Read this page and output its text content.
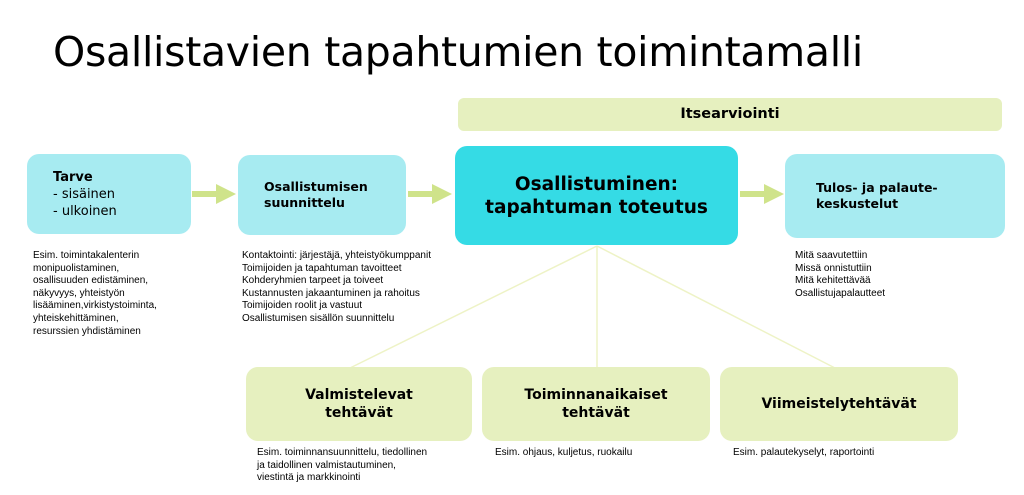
Osallistavien tapahtumien toimintamalli
Itsearviointi
Tarve
- sisäinen
- ulkoinen
Osallistumisen
suunnittelu
Osallistuminen:
tapahtuman toteutus
Tulos- ja palaute-
keskustelut
Esim. toimintakalenterin
monipuolistaminen,
osallisuuden edistäminen,
näkyvyys, yhteistyön
lisääminen,virkistystoiminta,
yhteiskehittäminen,
resurssien yhdistäminen
Kontaktointi: järjestäjä, yhteistyökumppanit
Toimijoiden ja tapahtuman tavoitteet
Kohderyhmien tarpeet ja toiveet
Kustannusten jakaantuminen ja rahoitus
Toimijoiden roolit ja vastuut
Osallistumisen sisällön suunnittelu
Mitä saavutettiin
Missä onnistuttiin
Mitä kehitettävää
Osallistujapalautteet
Valmistelevat
tehtävät
Toiminnanaikaiset
tehtävät
Viimeistelytehtävät
Esim. toiminnansuunnittelu, tiedollinen
ja taidollinen valmistautuminen,
viestintä ja markkinointi
Esim. ohjaus, kuljetus, ruokailu	Esim. palautekyselyt, raportointi
